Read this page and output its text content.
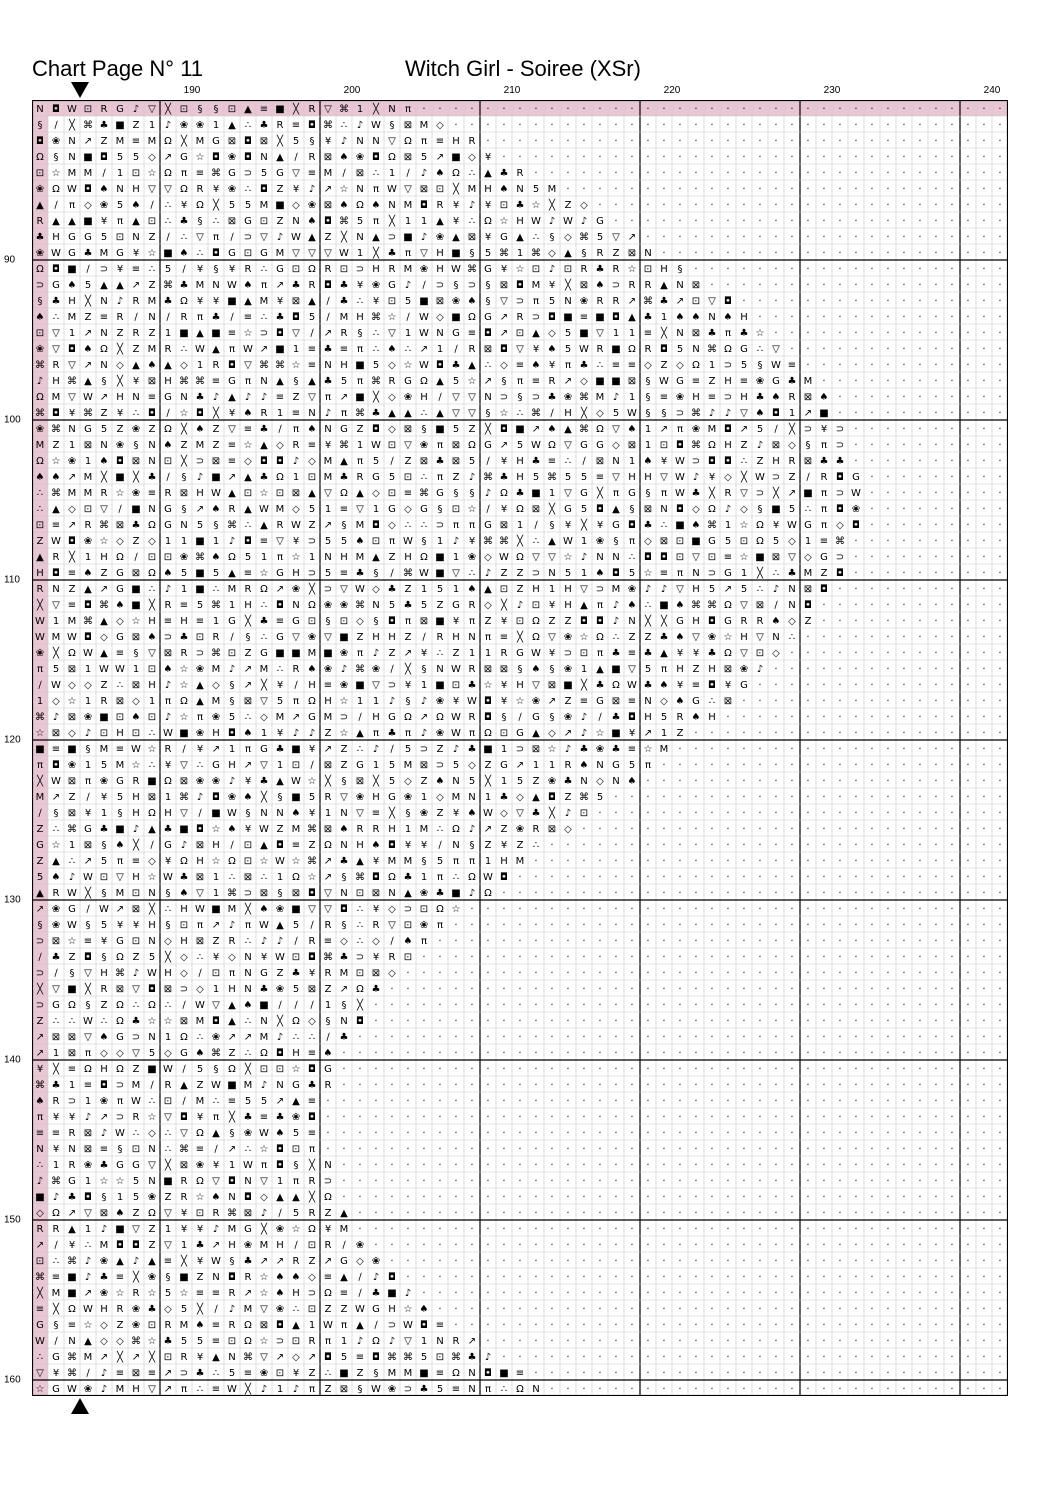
Chart Page N° 11	Witch Girl - Soiree (XSr)
190	200	210	220	230	240
90
100
110
120
130
140
150
160
N ◘ W ⊡ R G ♪ ▽ ╳ ⊡ § § ⊡ ▲ ≡ ■ ╳ R ▽ ⌘ 1 ╳ N π · · · · · · · · · · · · · · · · · · · · · · · · · · · · · · · · · · · · ·
§ ∕ ╳ ⌘ ♣ ■ Z 1 ♪ ❀ ❀ 1 ▲ ∴ ♣ R ≡ ◘ ⌘ ∴ ♪ W § ⊠ M ◇ · · · · · · · · · · · · · · · · · · · · · · · · · · · · · · · · · · ·
◘ ❀ N ↗ Z M ≡ M Ω ╳ M G ⊠ ◘ ⊠ ╳ 5 § ¥ ♪ N N ▽ Ω π ≡ H R · · · · · · · · · · · · · · · · · · · · · · · · · · · · · · · · ·
Ω § N ■ ◘ 5 5 ◇ ↗ G ☆ ◘ ❀ ◘ N ▲ ∕ R ⊠ ♠ ❀ ◘ Ω ⊠ 5 ↗ ■ ◇ ¥ · · · · · · · · · · · · · · · · · · · · · · · · · · · · · · · ·
⊡ ☆ M M ∕ 1 ⊡ ☆ Ω π ≡ ⌘ G ⊃ 5 G ▽ ≡ M ∕ ⊠ ∴ 1 ∕ ♪ ♠ Ω ∴ ▲ ♣ R · · · · · · · · · · · · · · · · · · · · · · · · · · · · · ·
❀ Ω W ◘ ♠ N H ▽ ▽ Ω R ¥ ❀ ∴ ◘ Z ¥ ♪ ↗ ☆ N π W ▽ ⊠ ⊡ ╳ M H ♠ N 5 M · · · · · · · · · · · · · · · · · · · · · · · · · · · ·
▲ ∕ π ◇ ❀ 5 ♠ ∕ ∴ ¥ Ω ╳ 5 5 M ■ ◇ ❀ ⊠ ♠ Ω ♠ N M ◘ R ¥ ♪ ¥ ⊡ ♣ ☆ ╳ Z ◇ · · · · · · · · · · · · · · · · · · · · · · · · · ·
R ▲ ▲ ■ ¥ π ▲ ⊡ ∴ ♣ § ∴ ⊠ G ⊡ Z N ♠ ◘ ⌘ 5 π ╳ 1 1 ▲ ¥ ∴ Ω ☆ H W ♪ W ♪ G · · · · · · · · · · · · · · · · · · · · · · · · ·
♣ H G G 5 ⊡ N Z ∕ ∴ ▽ π ∕ ⊃ ▽ ♪ W ▲ Z ╳ N ▲ ⊃ ■ ♪ ❀ ▲ ⊠ ¥ G ▲ ∴ § ◇ ⌘ 5 ▽ ↗ · · · · · · · · · · · · · · · · · · · · · · ·
❀ W G ♣ M G ¥ ☆ ■ ♠ ∴ ◘ G ⊡ G M ▽ ▽ ▽ W 1 ╳ ♣ π ▽ H ■ § 5 ⌘ 1 ⌘ ◇ ▲ § R Z ⊠ N · · · · · · · · · · · · · · · · · · · · · ·
Ω ◘ ■ ∕ ⊃ ¥ ≡ ∴ 5 ∕ ¥ § ¥ R ∴ G ⊡ Ω R ⊡ ⊃ H R M ❀ H W ⌘ G ¥ ☆ ⊡ ♪ ⊡ R ♣ R ☆ ⊡ H § · · · · · · · · · · · · · · · · · · · ·
⊃ G ♠ 5 ▲ ▲ ↗ Z ⌘ ♣ M N W ♠ π ↗ ♣ R ◘ ♣ ¥ ❀ G ♪ ∕ ⊃ § ⊃ § ⊠ ◘ M ¥ ╳ ⊠ ♠ ⊃ R R ▲ N ⊠ · · · · · · · · · · · · · · · · · · ·
§ ♣ H ╳ N ♪ R M ♣ Ω ¥ ¥ ■ ▲ M ¥ ⊠ ▲ ∕ ♣ ∴ ¥ ⊡ 5 ■ ⊠ ❀ ♠ § ▽ ⊃ π 5 N ❀ R R ↗ ⌘ ♣ ↗ ⊡ ▽ ◘ · · · · · · · · · · · · · · · · ·
♠ ∴ M Z ≡ R ∕ N ∕ R π ♣ ∕ ≡ ∴ ♣ ◘ 5 ∕ M H ⌘ ☆ ∕ W ◇ ■ Ω G ↗ R ⊃ ◘ ■ ≡ ■ ◘ ▲ ♣ 1 ♠ ♠ N ♠ H · · · · · · · · · · · · · · · ·
⊡ ▽ 1 ↗ N Z R Z 1 ■ ▲ ■ ≡ ☆ ⊃ ◘ ▽ ∕ ↗ R § ∴ ▽ 1 W N G ≡ ◘ ↗ ⊡ ▲ ◇ 5 ■ ▽ 1 1 ≡ ╳ N ⊠ ♣ π ♣ ☆ · · · · · · · · · · · · · · ·
❀ ▽ ◘ ♠ Ω ╳ Z M R ∴ W ▲ π W ↗ ■ 1 ≡ ♣ ≡ π ∴ ♠ ∴ ↗ 1 ∕ R ⊠ ◘ ▽ ¥ ♠ 5 W R ■ Ω R ◘ 5 N ⌘ Ω G ∴ ▽ · · · · · · · · · · · · · ·
⌘ R ▽ ↗ N ◇ ▲ ♠ ▲ ◇ 1 R ◘ ▽ ⌘ ⌘ ☆ ≡ N H ■ 5 ◇ ☆ W ◘ ♣ ▲ ∴ ◇ ≡ ♠ ¥ π ♣ ∴ ≡ ≡ ◇ Z ◇ Ω 1 ⊃ 5 § W ≡ · · · · · · · · · · · · ·
♪ H ⌘ ▲ § ╳ ¥ ⊠ H ⌘ ⌘ ≡ G π N ▲ § ▲ ♣ 5 π ⌘ R G Ω ▲ 5 ☆ ↗ § π ≡ R ↗ ◇ ■ ■ ⊠ § W G ≡ Z H ≡ ❀ G ♣ M · · · · · · · · · · · ·
Ω M ▽ W ↗ H N ≡ G N ♣ ♪ ▲ ♪ ♪ ≡ Z ▽ π ↗ ■ ╳ ◇ ❀ H ∕ ▽ ▽ N ⊃ § ⊃ ♣ ❀ ⌘ M ♪ 1 § ≡ ❀ H ≡ ⊃ H ♣ ♠ R ⊠ ♠ · · · · · · · · · · ·
⌘ ◘ ¥ ⌘ Z ¥ ∴ ◘ ∕ ☆ ◘ ╳ ¥ ♠ R 1 ≡ N ♪ π ⌘ ♣ ▲ ▲ ∴ ▲ ▽ ▽ § ☆ ∴ ⌘ ∕ H ╳ ◇ 5 W § § ⊃ ⌘ ♪ ♪ ▽ ♠ ◘ 1 ↗ ■ · · · · · · · · · · ·
❀ ⌘ N G 5 Z ❀ Z Ω ╳ ♠ Z ▽ ≡ ♣ ∕ π ♠ N G Z ◘ ◇ ⊠ § ■ 5 Z ╳ ◘ ■ ↗ ♠ ▲ ⌘ Ω ▽ ♠ 1 ↗ π ❀ M ◘ ↗ 5 ∕ ╳ ⊃ ¥ ⊃ · · · · · · · · · ·
M Z 1 ⊠ N ❀ § N ♠ Z M Z ≡ ☆ ▲ ◇ R ≡ ¥ ⌘ 1 W ⊡ ▽ ❀ π ⊠ Ω G ↗ 5 W Ω ▽ G G ◇ ⊠ 1 ⊡ ◘ ⌘ Ω H Z ♪ ⊠ ◇ § π ⊃ · · · · · · · · · ·
Ω ☆ ❀ 1 ♠ ◘ ⊠ N ⊡ ╳ ⊃ ⊠ ≡ ◇ ◘ ◘ ♪ ◇ M ▲ π 5 ∕ Z ⊠ ♣ ⊠ 5 ∕ ¥ H ♣ ≡ ∴ ∕ ⊠ N 1 ♠ ¥ W ⊃ ◘ ◘ ∴ Z H R ⊠ ♣ ♣ · · · · · · · · · ·
♠ ♠ ↗ M ╳ ■ ╳ ♣ ∕ § ♪ ■ ↗ ▲ ♣ Ω 1 ⊡ M ♣ R G 5 ⊡ ∴ π Z ♪ ⌘ ♣ H 5 ⌘ 5 5 ≡ ▽ H H ▽ W ♪ ¥ ◇ ╳ W ⊃ Z ∕ R ◘ G · · · · · · · · ·
∴ ⌘ M M R ☆ ❀ ≡ R ⊠ H W ▲ ⊡ ☆ ⊡ ⊠ ▲ ▽ Ω ▲ ◇ ⊡ ≡ ⌘ G § § ♪ Ω ♣ ■ 1 ▽ G ╳ π G § π W ♣ ╳ R ▽ ⊃ ╳ ↗ ■ π ⊃ W · · · · · · · · ·
∴ ▲ ◇ ⊡ ▽ ∕ ■ N G § ↗ ♠ R ▲ W M ◇ 5 1 ≡ ▽ 1 G ◇ G § ⊡ ☆ ∕ ¥ Ω ⊠ ╳ G 5 ◘ ▲ § ⊠ N ◘ ◇ Ω ♪ ◇ § ■ 5 ∴ π ◘ ❀ · · · · · · · · ·
⊡ ≡ ↗ R ⌘ ⊠ ♣ Ω G N 5 § ⌘ ∴ ▲ R W Z ↗ § M ◘ ◇ ∴ ∴ ⊃ π π G ⊠ 1 ∕ § ¥ ╳ ¥ G ◘ ♣ ∴ ■ ♠ ⌘ 1 ☆ Ω ¥ W G π ◇ ◘ · · · · · · · · ·
Z W ◘ ❀ ☆ ◇ Z ◇ 1 1 ■ 1 ♪ ◘ ≡ ▽ ¥ ⊃ 5 5 ♠ ⊡ π W § 1 ♪ ¥ ⌘ ⌘ ╳ ∴ ▲ W 1 ❀ § π ◇ ⊠ ⊡ ■ G 5 ⊡ Ω 5 ◇ 1 ≡ ⌘ · · · · · · · · · ·
▲ R ╳ 1 H Ω ∕ ⊡ ⊡ ❀ ⌘ ♠ Ω 5 1 π ☆ 1 N H M ▲ Z H Ω ■ 1 ❀ ◇ W Ω ▽ ▽ ☆ ♪ N N ∴ ◘ ◘ ⊡ ▽ ⊡ ≡ ☆ ■ ⊠ ▽ ◇ G ⊃ · · · · · · · · · ·
H ◘ ≡ ♠ Z G ⊠ Ω ♠ 5 ■ 5 ▲ ≡ ☆ G H ⊃ 5 ≡ ♣ § ∕ ⌘ W ■ ▽ ∴ ♪ Z Z ⊃ N 5 1 ♠ ◘ 5 ☆ ≡ π N ⊃ G 1 ╳ ∴ ♣ M Z ◘ · · · · · · · · · ·
R N Z ▲ ↗ G ■ ∴ ♪ 1 ■ ∴ M R Ω ↗ ❀ ╳ ⊃ ▽ W ◇ ♣ Z 1 5 1 ♠ ▲ ⊡ Z H 1 H ▽ ⊃ M ❀ ♪ ♪ ▽ H 5 ↗ 5 ∴ ♪ N ⊠ ◘ · · · · · · · · · · ·
╳ ▽ ≡ ◘ ⌘ ♠ ■ ╳ R ≡ 5 ⌘ 1 H ∴ ◘ N Ω ❀ ❀ ⌘ N 5 ♣ 5 Z G R ◇ ╳ ♪ ⊡ ¥ H ▲ π ♪ ♠ ∴ ■ ♠ ⌘ ⌘ Ω ▽ ⊠ ∕ N ◘ · · · · · · · · · · · ·
W 1 M ⌘ ▲ ◇ ☆ H ≡ H ≡ 1 G ╳ ♣ ≡ G ⊡ § ⊡ ◇ § ◘ π ⊠ ■ ¥ π Z ¥ ⊡ Ω Z Z ◘ ◘ ♪ N ╳ ╳ G H ◘ G R R ♠ ◇ Z · · · · · · · · · · · ·
W M W ◘ ◇ G ⊠ ♠ ⊃ ♣ ⊡ R ∕ § ∴ G ▽ ❀ ▽ ■ Z H H Z ∕ R H N π ≡ ╳ Ω ▽ ❀ ☆ Ω ∴ Z Z ♣ ♠ ▽ ❀ ☆ H ▽ N ∴ · · · · · · · · · · · · ·
❀ ╳ Ω W ▲ ≡ § ▽ ⊠ R ⊃ ⌘ ⊡ Z G ■ ■ M ■ ❀ π ♪ Z ↗ ¥ ∴ Z 1 1 R G W ¥ ⊃ ⊡ π ♣ ≡ ♣ ▲ ¥ ¥ ♣ Ω ▽ ⊡ ◇ · · · · · · · · · · · · · ·
π 5 ⊠ 1 W W 1 ⊡ ♠ ☆ ❀ M ♪ ↗ M ∴ R ♠ ❀ ♪ ⌘ ❀ ∕ ╳ § N W R ⊠ ⊠ § ♠ § ❀ 1 ▲ ■ ▽ 5 π H Z H ⊠ ❀ ♪ · · · · · · · · · · · · · · ·
∕ W ◇ ◇ Z ∴ ⊠ H ♪ ☆ ▲ ◇ § ↗ ╳ ¥ ∕ H ≡ ❀ ■ ▽ ⊃ ¥ 1 ■ ⊡ ♣ ☆ ¥ H ▽ ⊠ ■ ╳ ♣ Ω W ♣ ♠ ¥ ≡ ◘ ¥ G · · · · · · · · · · · · · · · ·
1 ◇ ☆ 1 R ⊠ ◇ 1 π Ω ▲ M § ⊠ ▽ 5 π Ω H ☆ 1 1 ♪ § ♪ ❀ ¥ W ◘ ¥ ☆ ❀ ↗ Z ≡ G ⊠ ≡ N ◇ ♠ G ∴ ⊠ · · · · · · · · · · · · · · · · ·
⌘ ♪ ⊠ ❀ ■ ⊡ ♠ ⊡ ♪ ☆ π ❀ 5 ∴ ◇ M ↗ G M ⊃ ∕ H G Ω ↗ Ω W R ◘ § ∕ G § ❀ ♪ ∕ ♣ ◘ H 5 R ♠ H · · · · · · · · · · · · · · · · · ·
☆ ⊠ ◇ ♪ ⊡ H ⊡ ∴ W ■ ❀ H ◘ ♠ 1 ¥ ♪ ♪ Z ☆ ▲ π ♣ π ♪ ❀ W π Ω ⊡ G ▲ ◇ ↗ ♪ ☆ ■ ¥ ↗ 1 Z · · · · · · · · · · · · · · · · · · · ·
■ ≡ ■ § M ≡ W ☆ R ∕ ¥ ↗ 1 π G ♣ ■ ¥ ↗ Z ∴ ♪ ∕ 5 ⊃ Z ♪ ♣ ■ 1 ⊃ ⊠ ☆ ♪ ♣ ❀ ♣ ≡ ☆ M · · · · · · · · · · · · · · · · · · · · ·
π ◘ ❀ 1 5 M ☆ ∴ ¥ ▽ ∴ G H ↗ ▽ 1 ⊡ ∕ ⊠ Z G 1 5 M ⊠ ⊃ 5 ◇ Z G ↗ 1 1 R ♠ N G 5 π · · · · · · · · · · · · · · · · · · · · · ·
╳ W ⊠ π ❀ G R ■ Ω ⊠ ❀ ❀ ♪ ¥ ♣ ▲ W ☆ ╳ § ⊠ ╳ 5 ◇ Z ♠ N 5 ╳ 1 5 Z ❀ ♣ N ◇ N ♠ · · · · · · · · · · · · · · · · · · · · · · ·
M ↗ Z ∕ ¥ 5 H ⊠ 1 ⌘ ♪ ◘ ❀ ♠ ╳ § ■ 5 R ▽ ❀ H G ❀ 1 ◇ M N 1 ♣ ◇ ▲ ◘ Z ⌘ 5 · · · · · · · · · · · · · · · · · · · · · · · · ·
∕ § ⊠ ¥ 1 § H Ω H ▽ ∕ ■ W § N N ♠ ¥ 1 N ▽ ≡ ╳ § ❀ Z ¥ ♠ W ◇ ▽ ♣ ╳ ♪ ⊡ · · · · · · · · · · · · · · · · · · · · · · · · · ·
Z ∴ ⌘ G ♣ ■ ♪ ▲ ♣ ■ ◘ ☆ ♠ ¥ W Z M ⌘ ⊠ ♠ R R H 1 M ∴ Ω ♪ ↗ Z ❀ R ⊠ ◇ · · · · · · · · · · · · · · · · · · · · · · · · · · ·
G ☆ 1 ⊠ § ♠ ╳ ∕ G ♪ ⊠ H ∕ ⊡ ▲ ◘ ≡ Z Ω N H ♠ ◘ ¥ ¥ ∕ N § Z ¥ Z ∴ · · · · · · · · · · · · · · · · · · · · · · · · · · · · ·
Z ▲ ∴ ↗ 5 π ≡ ◇ ¥ Ω H ☆ Ω ⊡ ☆ W ☆ ⌘ ↗ ♣ ▲ ¥ M M § 5 π π 1 H M · · · · · · · · · · · · · · · · · · · · · · · · · · · · · ·
5 ♠ ♪ W ⊡ ▽ H ☆ W ♣ ⊠ 1 ∴ ⊠ ∴ 1 Ω ☆ ↗ § ⌘ ◘ Ω ♣ 1 π ∴ Ω W ◘ · · · · · · · · · · · · · · · · · · · · · · · · · · · · · · ·
▲ R W ╳ § M ⊡ N § ♠ ▽ 1 ⌘ ⊃ ⊠ § ⊠ ◘ ▽ N ⊡ ⊠ N ▲ ❀ ♣ ■ ♪ Ω · · · · · · · · · · · · · · · · · · · · · · · · · · · · · · · ·
↗ ❀ G ∕ W ↗ ⊠ ╳ ∴ H W ■ M ╳ ♠ ❀ ■ ▽ ▽ ◘ ∴ ¥ ◇ ⊃ ⊡ Ω ☆ · · · · · · · · · · · · · · · · · · · · · · · · · · · · · · · · · ·
§ ❀ W § 5 ¥ ¥ H § ⊡ π ↗ ♪ π W ▲ 5 ∕ R § ∴ R ▽ ⊡ ❀ π · · · · · · · · · · · · · · · · · · · · · · · · · · · · · · · · · · ·
⊃ ⊠ ☆ ≡ ¥ G ⊡ N ◇ H ⊠ Z R ∴ ♪ ♪ ∕ R ≡ ◇ ∴ ◇ ∕ ♠ π · · · · · · · · · · · · · · · · · · · · · · · · · · · · · · · · · · · ·
∕ ♣ Z ◘ § Ω Z 5 ╳ ◇ ∴ ¥ ◇ N ¥ W ⊡ ◘ ⌘ ♣ ⊃ ¥ R ⊡ · · · · · · · · · · · · · · · · · · · · · · · · · · · · · · · · · · · · ·
⊃ ∕ § ▽ H ⌘ ♪ W H ◇ ∕ ⊡ π N G Z ♣ ¥ R M ⊡ ⊠ ◇ · · · · · · · · · · · · · · · · · · · · · · · · · · · · · · · · · · · · · ·
╳ ▽ ■ ╳ R ⊠ ▽ ◘ ⊠ ⊃ ◇ 1 H N ♣ ❀ 5 ⊠ Z ↗ Ω ♣ · · · · · · · · · · · · · · · · · · · · · · · · · · · · · · · · · · · · · · ·
⊃ G Ω § Z Ω ∴ Ω ∴ ∕ W ▽ ▲ ♠ ■ ∕ ∕ ∕ 1 § ╳ · · · · · · · · · · · · · · · · · · · · · · · · · · · · · · · · · · · · · · · ·
Z ∴ ∴ W ∴ Ω ♣ ☆ ☆ ⊠ M ◘ ▲ ∴ N ╳ Ω ◇ § N ◘ · · · · · · · · · · · · · · · · · · · · · · · · · · · · · · · · · · · · · · · ·
↗ ⊠ ⊠ ▽ ♠ G ⊃ N 1 Ω ∴ ❀ ↗ ↗ M ♪ ∴ ∴ ∕ ♣ · · · · · · · · · · · · · · · · · · · · · · · · · · · · · · · · · · · · · · · · ·
↗ 1 ⊠ π ◇ ◇ ▽ 5 ◇ G ♠ ⌘ Z ∴ Ω ◘ H ≡ ♠ · · · · · · · · · · · · · · · · · · · · · · · · · · · · · · · · · · · · · · · · · ·
¥ ╳ ≡ Ω H Ω Z ■ W ∕ 5 § Ω ╳ ⊡ ⊡ ☆ ◘ G · · · · · · · · · · · · · · · · · · · · · · · · · · · · · · · · · · · · · · · · · ·
⌘ ♣ 1 ≡ ◘ ⊃ M ∕ R ▲ Z W ■ M ♪ N G ♣ R · · · · · · · · · · · · · · · · · · · · · · · · · · · · · · · · · · · · · · · · · ·
♠ R ⊃ 1 ❀ π W ∴ ⊡ ∕ M ∴ ≡ 5 5 ↗ ▲ ≡ · · · · · · · · · · · · · · · · · · · · · · · · · · · · · · · · · · · · · · · · · · ·
π ¥ ¥ ♪ ↗ ⊃ R ☆ ▽ ◘ ¥ π ╳ ♣ ≡ ♣ ❀ ◘ · · · · · · · · · · · · · · · · · · · · · · · · · · · · · · · · · · · · · · · · · · ·
≡ ≡ R ⊠ ♪ W ∴ ◇ ∴ ▽ Ω ▲ § ❀ W ♠ 5 ≡ · · · · · · · · · · · · · · · · · · · · · · · · · · · · · · · · · · · · · · · · · · ·
N ¥ N ⊠ ≡ § ⊡ N ∴ ⌘ ≡ ∕ ↗ ∴ ☆ ◘ ⊡ π · · · · · · · · · · · · · · · · · · · · · · · · · · · · · · · · · · · · · · · · · · ·
∴ 1 R ❀ ♣ G G ▽ ╳ ⊠ ❀ ¥ 1 W π ◘ § ╳ N · · · · · · · · · · · · · · · · · · · · · · · · · · · · · · · · · · · · · · · · · ·
♪ ⌘ G 1 ☆ ☆ 5 N ■ R Ω ▽ ◘ N ▽ 1 π R ⊃ · · · · · · · · · · · · · · · · · · · · · · · · · · · · · · · · · · · · · · · · · ·
■ ♪ ♣ ◘ § 1 5 ❀ Z R ☆ ♠ N ◘ ◇ ▲ ▲ ╳ Ω · · · · · · · · · · · · · · · · · · · · · · · · · · · · · · · · · · · · · · · · · ·
◇ Ω ↗ ▽ ⊠ ♠ Z Ω ▽ ¥ ⊡ R ⌘ ⊠ ♪ ∕ 5 R Z ▲ · · · · · · · · · · · · · · · · · · · · · · · · · · · · · · · · · · · · · · · · ·
R R ▲ 1 ♪ ■ ▽ Z 1 ¥ ¥ ♪ M G ╳ ❀ ☆ Ω ¥ M · · · · · · · · · · · · · · · · · · · · · · · · · · · · · · · · · · · · · · · · ·
↗ ∕ ¥ ∴ M ◘ ◘ Z ▽ 1 ♣ ↗ H ❀ M H ∕ ⊡ R ∕ ❀ · · · · · · · · · · · · · · · · · · · · · · · · · · · · · · · · · · · · · · · ·
⊡ ∴ ⌘ ♪ ❀ ▲ ♪ ▲ ≡ ╳ ¥ W § ♣ ↗ ↗ R Z ↗ G ◇ ❀ · · · · · · · · · · · · · · · · · · · · · · · · · · · · · · · · · · · · · · ·
⌘ ≡ ■ ♪ ♣ ≡ ╳ ❀ § ■ Z N ◘ R ☆ ♠ ♠ ◇ ≡ ▲ ∕ ♪ ◘ · · · · · · · · · · · · · · · · · · · · · · · · · · · · · · · · · · · · · ·
╳ M ■ ↗ ❀ ☆ R ☆ 5 ☆ ≡ ≡ R ↗ ☆ ♠ H ⊃ Ω ≡ ∕ ♣ ■ ♪ · · · · · · · · · · · · · · · · · · · · · · · · · · · · · · · · · · · · ·
≡ ╳ Ω W H R ❀ ♣ ◇ 5 ╳ ∕ ♪ M ▽ ❀ ∴ ⊡ Z Z W G H ☆ ♠ · · · · · · · · · · · · · · · · · · · · · · · · · · · · · · · · · · · ·
G § ≡ ☆ ◇ Z ❀ ⊡ R M ♠ ≡ R Ω ⊠ ◘ ▲ 1 W π ▲ ∕ ⊃ W ◘ ≡ · · · · · · · · · · · · · · · · · · · · · · · · · · · · · · · · · · ·
W ∕ N ▲ ◇ ◇ ⌘ ☆ ♣ 5 5 ≡ ⊡ Ω ☆ ⊃ ⊡ R π 1 ♪ Ω ♪ ▽ 1 N R ↗ · · · · · · · · · · · · · · · · · · · · · · · · · · · · · · · · ·
∴ G ⌘ M ↗ ╳ ↗ ╳ ⊡ R ¥ ▲ N ⌘ ▽ ↗ ◇ ↗ ◘ 5 ≡ ◘ ⌘ ⌘ 5 ⊡ ⌘ ♣ ♪ · · · · · · · · · · · · · · · · · · · · · · · · · · · · · · · ·
▽ ¥ ⌘ ∕ ♪ ≡ ⊠ ≡ ↗ ⊃ ♣ ∴ 5 ≡ ❀ ⊡ ¥ Z ∴ ■ Z § M M ■ ≡ Ω N ◘ ■ ≡ · · · · · · · · · · · · · · · · · · · · · · · · · · · · · ·
☆ G W ❀ ♪ M H ▽ ↗ π ∴ ≡ W ╳ ♪ 1 ♪ π Z ⊠ § W ❀ ⊃ ♣ 5 ≡ N π ∴ Ω N · · · · · · · · · · · · · · · · · · · · · · · · · · · · ·
